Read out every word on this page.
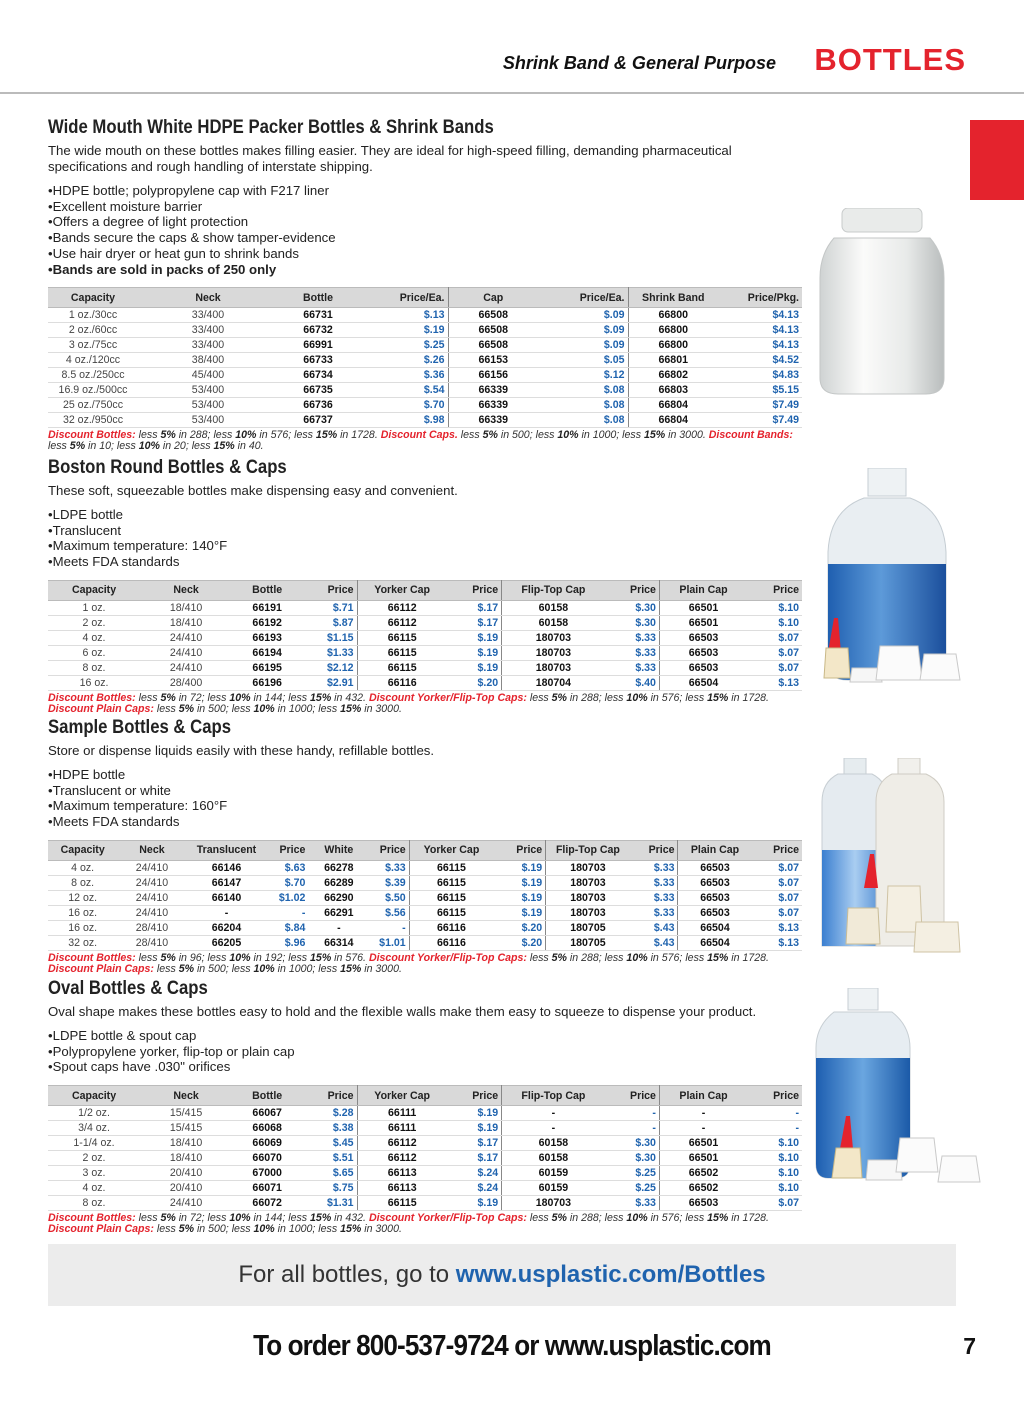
Shrink Band & General Purpose BOTTLES
Wide Mouth White HDPE Packer Bottles & Shrink Bands

The wide mouth on these bottles makes filling easier. They are ideal for high-speed filling, demanding pharmaceutical specifications and rough handling of interstate shipping.

• HDPE bottle; polypropylene cap with F217 liner
• Excellent moisture barrier
• Offers a degree of light protection
• Bands secure the caps & show tamper-evidence
• Use hair dryer or heat gun to shrink bands
• Bands are sold in packs of 250 only
Capacity	Neck	Bottle	Price/Ea.	Cap	Price/Ea.	Shrink Band	Price/Pkg.
1 oz./30cc	33/400	66731	$.13	66508	$.09	66800	$4.13
2 oz./60cc	33/400	66732	$.19	66508	$.09	66800	$4.13
3 oz./75cc	33/400	66991	$.25	66508	$.09	66800	$4.13
4 oz./120cc	38/400	66733	$.26	66153	$.05	66801	$4.52
8.5 oz./250cc	45/400	66734	$.36	66156	$.12	66802	$4.83
16.9 oz./500cc	53/400	66735	$.54	66339	$.08	66803	$5.15
25 oz./750cc	53/400	66736	$.70	66339	$.08	66804	$7.49
32 oz./950cc	53/400	66737	$.98	66339	$.08	66804	$7.49
Discount Bottles: less 5% in 288; less 10% in 576; less 15% in 1728. Discount Caps. less 5% in 500; less 10% in 1000; less 15% in 3000. Discount Bands: less 5% in 10; less 10% in 20; less 15% in 40.
Boston Round Bottles & Caps

These soft, squeezable bottles make dispensing easy and convenient.

• LDPE bottle
• Translucent
• Maximum temperature: 140°F
• Meets FDA standards
Capacity	Neck	Bottle	Price	Yorker Cap	Price	Flip-Top Cap	Price	Plain Cap	Price
1 oz.	18/410	66191	$.71	66112	$.17	60158	$.30	66501	$.10
2 oz.	18/410	66192	$.87	66112	$.17	60158	$.30	66501	$.10
4 oz.	24/410	66193	$1.15	66115	$.19	180703	$.33	66503	$.07
6 oz.	24/410	66194	$1.33	66115	$.19	180703	$.33	66503	$.07
8 oz.	24/410	66195	$2.12	66115	$.19	180703	$.33	66503	$.07
16 oz.	28/400	66196	$2.91	66116	$.20	180704	$.40	66504	$.13
Discount Bottles: less 5% in 72; less 10% in 144; less 15% in 432. Discount Yorker/Flip-Top Caps: less 5% in 288; less 10% in 576; less 15% in 1728. Discount Plain Caps: less 5% in 500; less 10% in 1000; less 15% in 3000.
Sample Bottles & Caps

Store or dispense liquids easily with these handy, refillable bottles.

• HDPE bottle
• Translucent or white
• Maximum temperature: 160°F
• Meets FDA standards
Capacity	Neck	Translucent	Price	White	Price	Yorker Cap	Price	Flip-Top Cap	Price	Plain Cap	Price
4 oz.	24/410	66146	$.63	66278	$.33	66115	$.19	180703	$.33	66503	$.07
8 oz.	24/410	66147	$.70	66289	$.39	66115	$.19	180703	$.33	66503	$.07
12 oz.	24/410	66140	$1.02	66290	$.50	66115	$.19	180703	$.33	66503	$.07
16 oz.	24/410	-	-	66291	$.56	66115	$.19	180703	$.33	66503	$.07
16 oz.	28/410	66204	$.84	-	-	66116	$.20	180705	$.43	66504	$.13
32 oz.	28/410	66205	$.96	66314	$1.01	66116	$.20	180705	$.43	66504	$.13
Discount Bottles: less 5% in 96; less 10% in 192; less 15% in 576. Discount Yorker/Flip-Top Caps: less 5% in 288; less 10% in 576; less 15% in 1728. Discount Plain Caps: less 5% in 500; less 10% in 1000; less 15% in 3000.
Oval Bottles & Caps

Oval shape makes these bottles easy to hold and the flexible walls make them easy to squeeze to dispense your product.

• LDPE bottle & spout cap
• Polypropylene yorker, flip-top or plain cap
• Spout caps have .030" orifices
Capacity	Neck	Bottle	Price	Yorker Cap	Price	Flip-Top Cap	Price	Plain Cap	Price
1/2 oz.	15/415	66067	$.28	66111	$.19	-	-	-	-
3/4 oz.	15/415	66068	$.38	66111	$.19	-	-	-	-
1-1/4 oz.	18/410	66069	$.45	66112	$.17	60158	$.30	66501	$.10
2 oz.	18/410	66070	$.51	66112	$.17	60158	$.30	66501	$.10
3 oz.	20/410	67000	$.65	66113	$.24	60159	$.25	66502	$.10
4 oz.	20/410	66071	$.75	66113	$.24	60159	$.25	66502	$.10
8 oz.	24/410	66072	$1.31	66115	$.19	180703	$.33	66503	$.07
Discount Bottles: less 5% in 72; less 10% in 144; less 15% in 432. Discount Yorker/Flip-Top Caps: less 5% in 288; less 10% in 576; less 15% in 1728. Discount Plain Caps: less 5% in 500; less 10% in 1000; less 15% in 3000.
For all bottles, go to www.usplastic.com/Bottles
To order 800-537-9724 or www.usplastic.com	7
